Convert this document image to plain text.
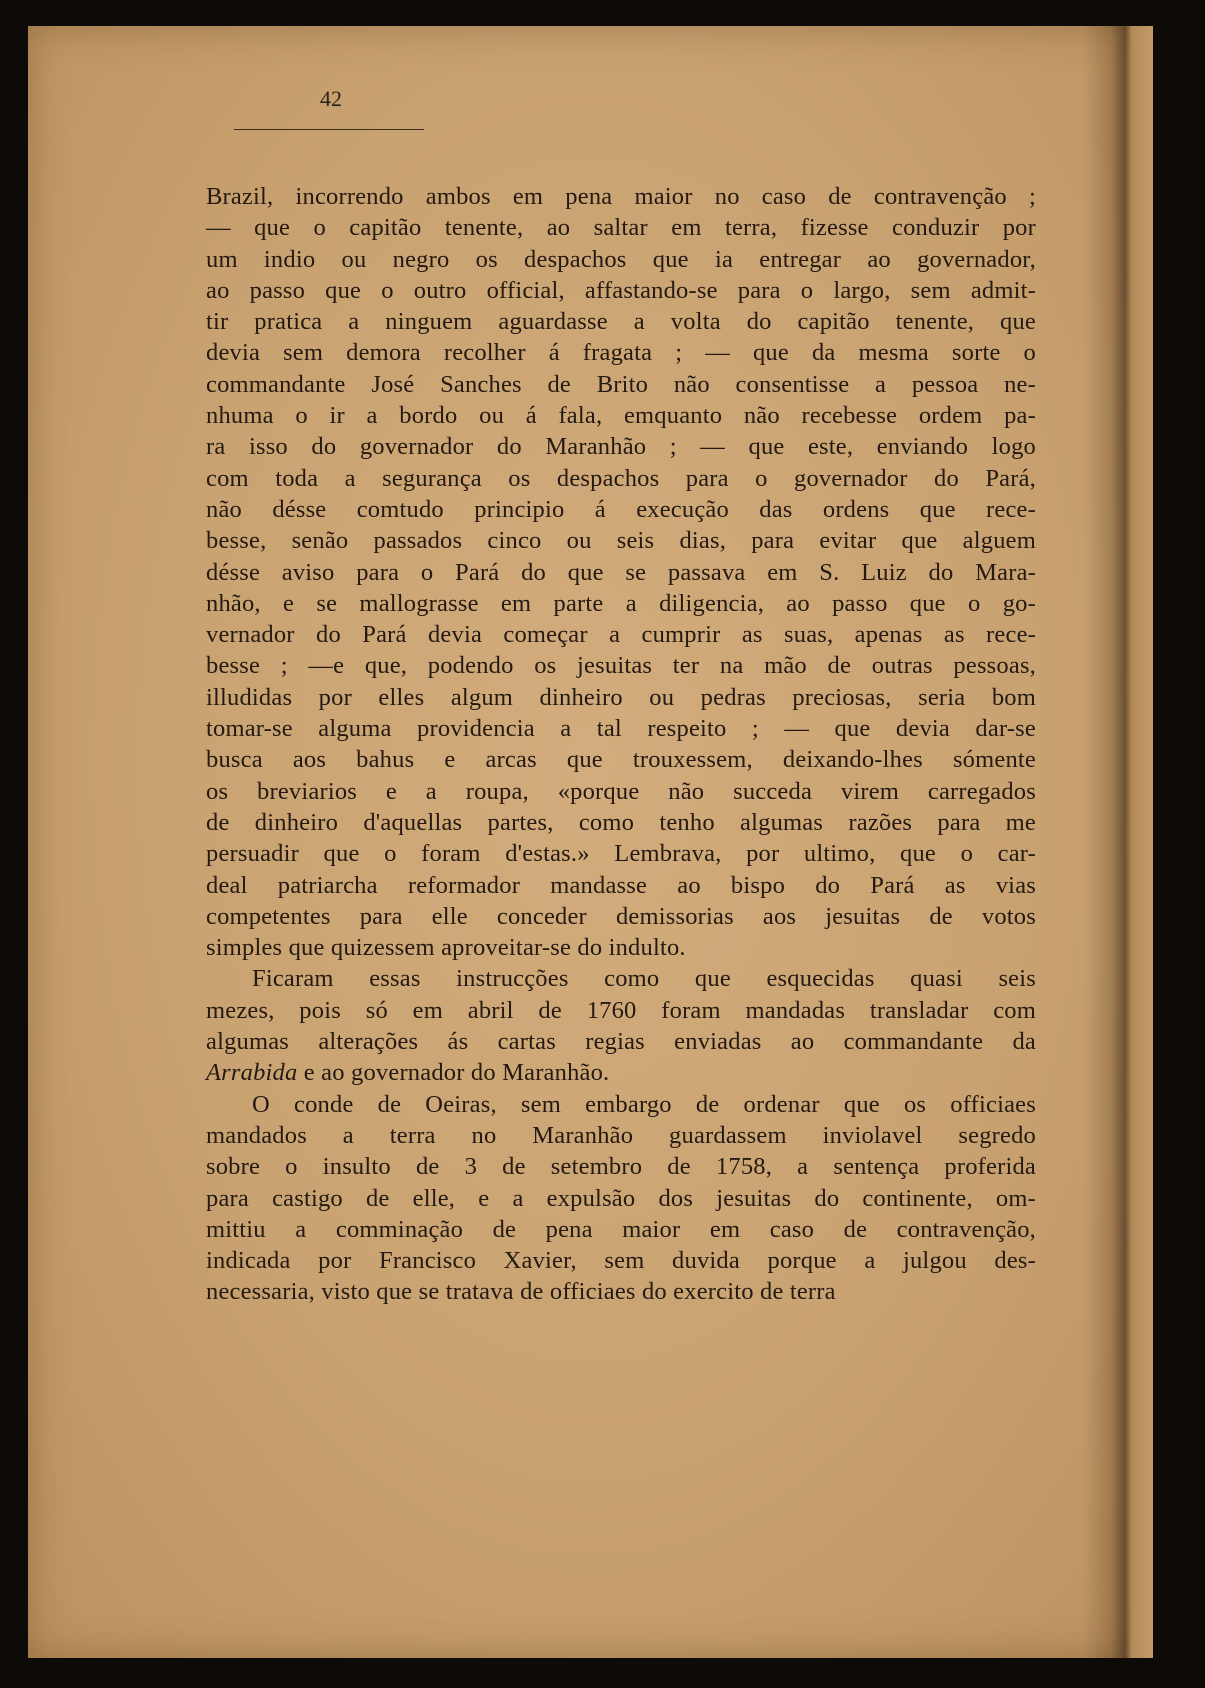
42
Brazil, incorrendo ambos em pena maior no caso de contravenção ;
— que o capitão tenente, ao saltar em terra, fizesse conduzir por
um indio ou negro os despachos que ia entregar ao governador,
ao passo que o outro official, affastando-se para o largo, sem admit-
tir pratica a ninguem aguardasse a volta do capitão tenente, que
devia sem demora recolher á fragata ; — que da mesma sorte o
commandante José Sanches de Brito não consentisse a pessoa ne-
nhuma o ir a bordo ou á fala, emquanto não recebesse ordem pa-
ra isso do governador do Maranhão ; — que este, enviando logo
com toda a segurança os despachos para o governador do Pará,
não désse comtudo principio á execução das ordens que rece-
besse, senão passados cinco ou seis dias, para evitar que alguem
désse aviso para o Pará do que se passava em S. Luiz do Mara-
nhão, e se mallograsse em parte a diligencia, ao passo que o go-
vernador do Pará devia começar a cumprir as suas, apenas as rece-
besse ; —e que, podendo os jesuitas ter na mão de outras pessoas,
illudidas por elles algum dinheiro ou pedras preciosas, seria bom
tomar-se alguma providencia a tal respeito ; — que devia dar-se
busca aos bahus e arcas que trouxessem, deixando-lhes sómente
os breviarios e a roupa, «porque não succeda virem carregados
de dinheiro d'aquellas partes, como tenho algumas razões para me
persuadir que o foram d'estas.» Lembrava, por ultimo, que o car-
deal patriarcha reformador mandasse ao bispo do Pará as vias
competentes para elle conceder demissorias aos jesuitas de votos
simples que quizessem aproveitar-se do indulto.
Ficaram essas instrucções como que esquecidas quasi seis
mezes, pois só em abril de 1760 foram mandadas transladar com
algumas alterações ás cartas regias enviadas ao commandante da
Arrabida e ao governador do Maranhão.
O conde de Oeiras, sem embargo de ordenar que os officiaes
mandados a terra no Maranhão guardassem inviolavel segredo
sobre o insulto de 3 de setembro de 1758, a sentença proferida
para castigo de elle, e a expulsão dos jesuitas do continente, om-
mittiu a comminação de pena maior em caso de contravenção,
indicada por Francisco Xavier, sem duvida porque a julgou des-
necessaria, visto que se tratava de officiaes do exercito de terra
